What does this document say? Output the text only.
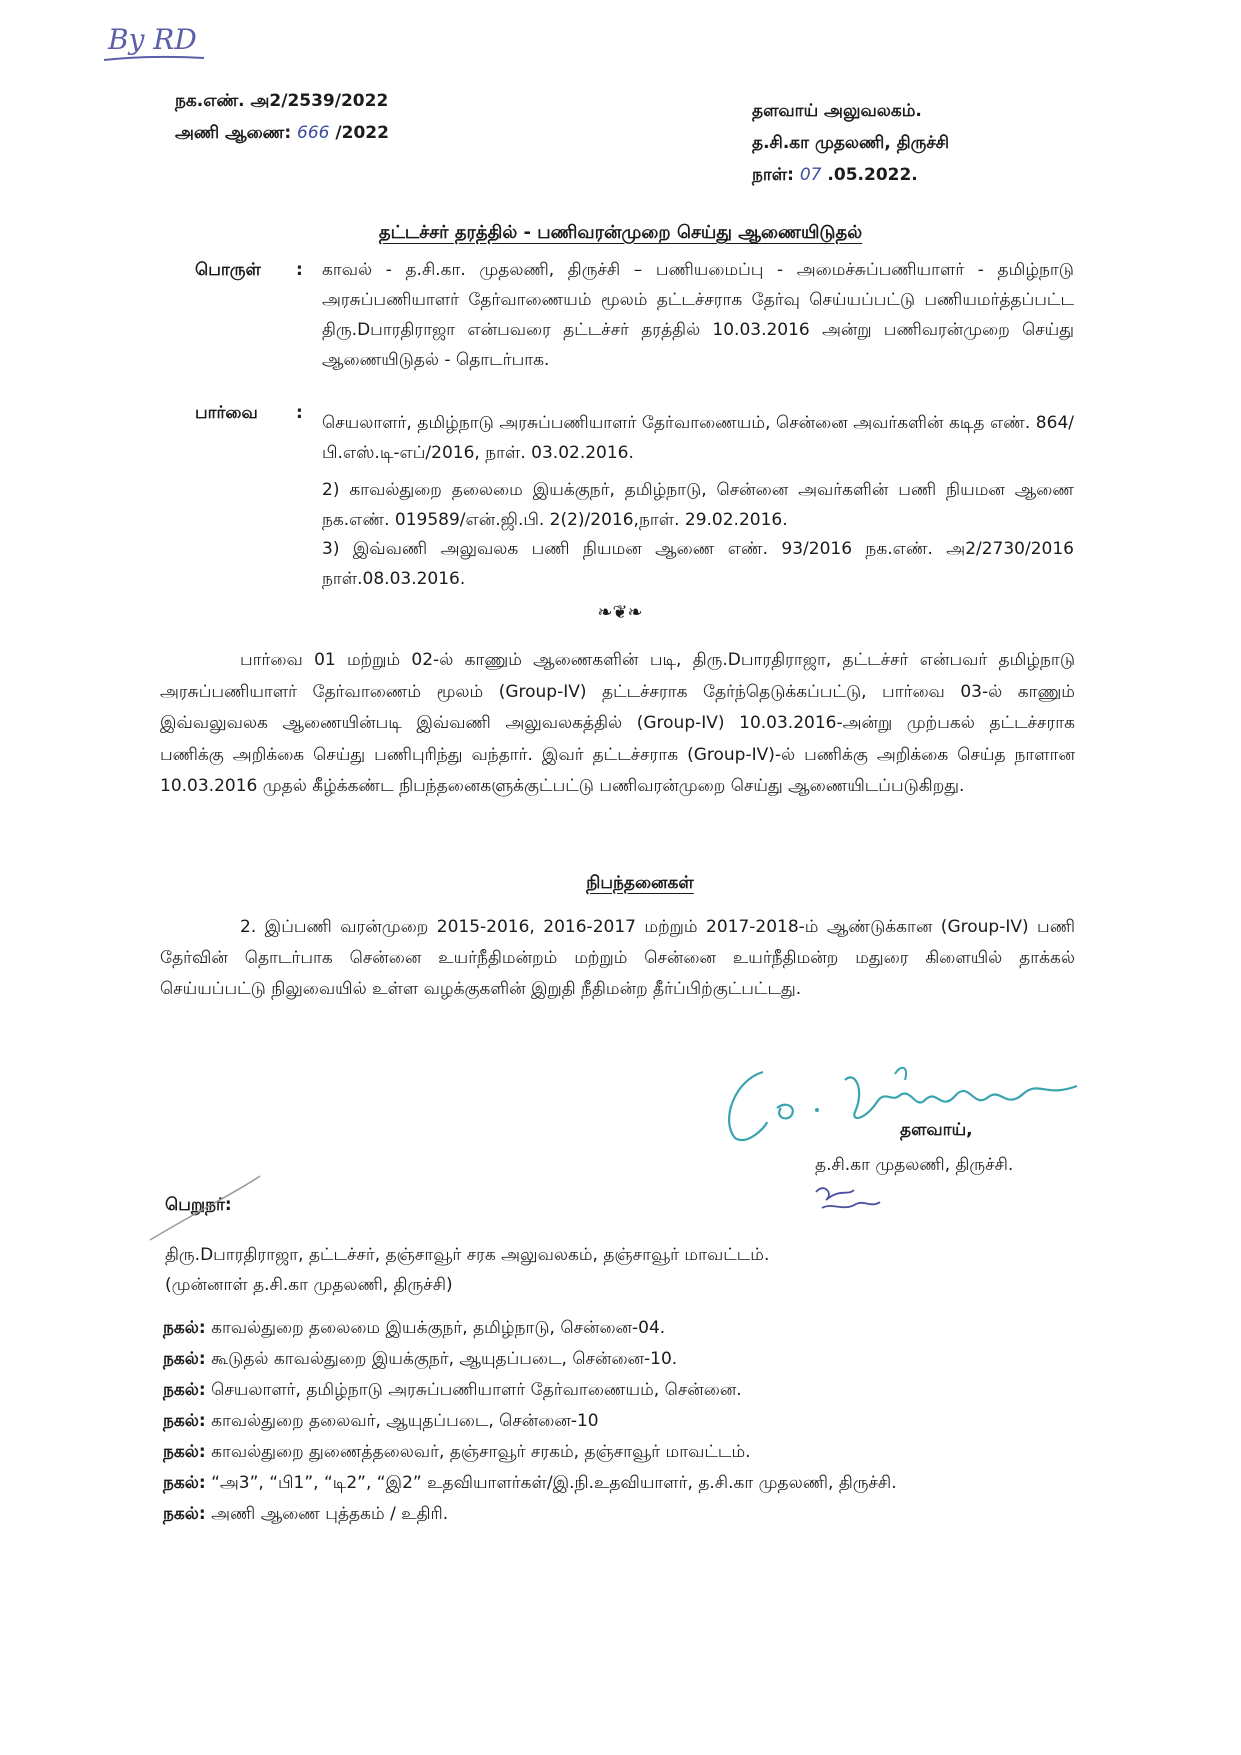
By RD
நக.எண். அ2/2539/2022
அணி ஆணை: 666 /2022
தளவாய் அலுவலகம்.
த.சி.கா முதலணி, திருச்சி
நாள்: 07 .05.2022.
தட்டச்சர் தரத்தில் - பணிவரன்முறை செய்து ஆணையிடுதல்
பொருள் : காவல் - த.சி.கா. முதலணி, திருச்சி – பணியமைப்பு - அமைச்சுப்பணியாளர் - தமிழ்நாடு அரசுப்பணியாளர் தேர்வாணையம் மூலம் தட்டச்சராக தேர்வு செய்யப்பட்டு பணியமர்த்தப்பட்ட திரு.Dபாரதிராஜா என்பவரை தட்டச்சர் தரத்தில் 10.03.2016 அன்று பணிவரன்முறை செய்து ஆணையிடுதல் - தொடர்பாக.
பார்வை : செயலாளர், தமிழ்நாடு அரசுப்பணியாளர் தேர்வாணையம், சென்னை அவர்களின் கடித எண். 864/பி.எஸ்.டி-எப்/2016, நாள். 03.02.2016.
2) காவல்துறை தலைமை இயக்குநர், தமிழ்நாடு, சென்னை அவர்களின் பணி நியமன ஆணை நக.எண். 019589/என்.ஜி.பி. 2(2)/2016,நாள். 29.02.2016.
3) இவ்வணி அலுவலக பணி நியமன ஆணை எண். 93/2016 நக.எண். அ2/2730/2016 நாள்.08.03.2016.
❧❦❧
பார்வை 01 மற்றும் 02-ல் காணும் ஆணைகளின் படி, திரு.Dபாரதிராஜா, தட்டச்சர் என்பவர் தமிழ்நாடு அரசுப்பணியாளர் தேர்வாணைம் மூலம் (Group-IV) தட்டச்சராக தேர்ந்தெடுக்கப்பட்டு, பார்வை 03-ல் காணும் இவ்வலுவலக ஆணையின்படி இவ்வணி அலுவலகத்தில் (Group-IV) 10.03.2016-அன்று முற்பகல் தட்டச்சராக பணிக்கு அறிக்கை செய்து பணிபுரிந்து வந்தார். இவர் தட்டச்சராக (Group-IV)-ல் பணிக்கு அறிக்கை செய்த நாளான 10.03.2016 முதல் கீழ்க்கண்ட நிபந்தனைகளுக்குட்பட்டு பணிவரன்முறை செய்து ஆணையிடப்படுகிறது.
நிபந்தனைகள்
2. இப்பணி வரன்முறை 2015-2016, 2016-2017 மற்றும் 2017-2018-ம் ஆண்டுக்கான (Group-IV) பணி தேர்வின் தொடர்பாக சென்னை உயர்நீதிமன்றம் மற்றும் சென்னை உயர்நீதிமன்ற மதுரை கிளையில் தாக்கல் செய்யப்பட்டு நிலுவையில் உள்ள வழக்குகளின் இறுதி நீதிமன்ற தீர்ப்பிற்குட்பட்டது.
தளவாய்,
த.சி.கா முதலணி, திருச்சி.
பெறுநர்:
திரு.Dபாரதிராஜா, தட்டச்சர், தஞ்சாவூர் சரக அலுவலகம், தஞ்சாவூர் மாவட்டம்.
(முன்னாள் த.சி.கா முதலணி, திருச்சி)
நகல்: காவல்துறை தலைமை இயக்குநர், தமிழ்நாடு, சென்னை-04.
நகல்: கூடுதல் காவல்துறை இயக்குநர், ஆயுதப்படை, சென்னை-10.
நகல்: செயலாளர், தமிழ்நாடு அரசுப்பணியாளர் தேர்வாணையம், சென்னை.
நகல்: காவல்துறை தலைவர், ஆயுதப்படை, சென்னை-10
நகல்: காவல்துறை துணைத்தலைவர், தஞ்சாவூர் சரகம், தஞ்சாவூர் மாவட்டம்.
நகல்: “அ3”, “பி1”, “டி2”, “இ2” உதவியாளர்கள்/இ.நி.உதவியாளர், த.சி.கா முதலணி, திருச்சி.
நகல்: அணி ஆணை புத்தகம் / உதிரி.
